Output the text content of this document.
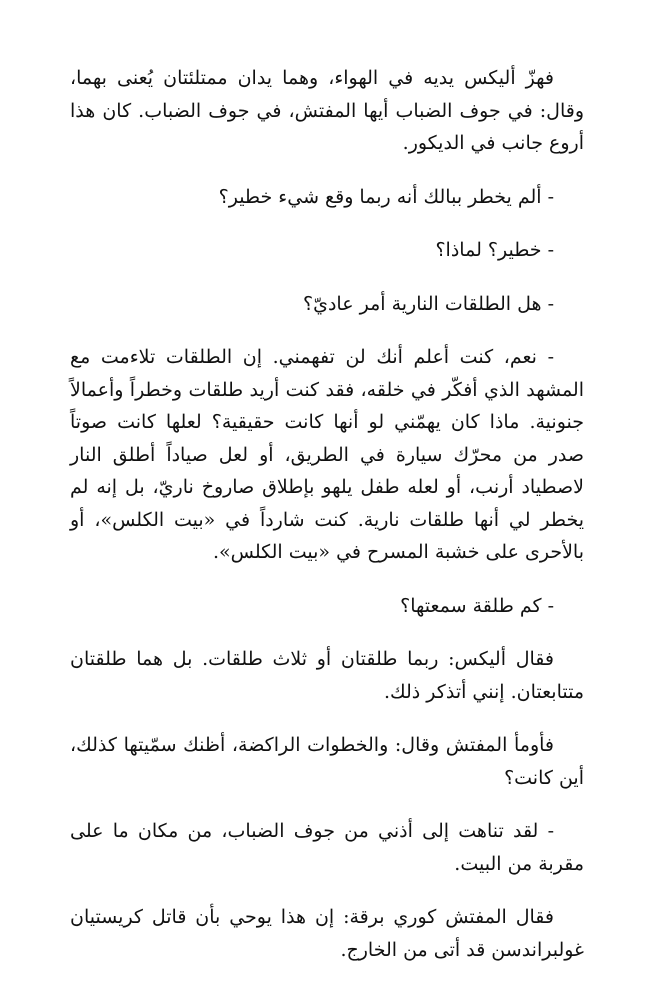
فهزّ أليكس يديه في الهواء، وهما يدان ممتلئتان يُعنى بهما، وقال: في جوف الضباب أيها المفتش، في جوف الضباب. كان هذا أروع جانب في الديكور.

- ألم يخطر ببالك أنه ربما وقع شيء خطير؟

- خطير؟ لماذا؟

- هل الطلقات النارية أمر عاديّ؟

- نعم، كنت أعلم أنك لن تفهمني. إن الطلقات تلاءمت مع المشهد الذي أفكّر في خلقه، فقد كنت أريد طلقات وخطراً وأعمالاً جنونية. ماذا كان يهمّني لو أنها كانت حقيقية؟ لعلها كانت صوتاً صدر من محرّك سيارة في الطريق، أو لعل صياداً أطلق النار لاصطياد أرنب، أو لعله طفل يلهو بإطلاق صاروخ ناريّ، بل إنه لم يخطر لي أنها طلقات نارية. كنت شارداً في «بيت الكلس»، أو بالأحرى على خشبة المسرح في «بيت الكلس».

- كم طلقة سمعتها؟

فقال أليكس: ربما طلقتان أو ثلاث طلقات. بل هما طلقتان متتابعتان. إنني أتذكر ذلك.

فأومأ المفتش وقال: والخطوات الراكضة، أظنك سمّيتها كذلك، أين كانت؟

- لقد تناهت إلى أذني من جوف الضباب، من مكان ما على مقربة من البيت.

فقال المفتش كوري برقة: إن هذا يوحي بأن قاتل كريستيان غولبراندسن قد أتى من الخارج.
